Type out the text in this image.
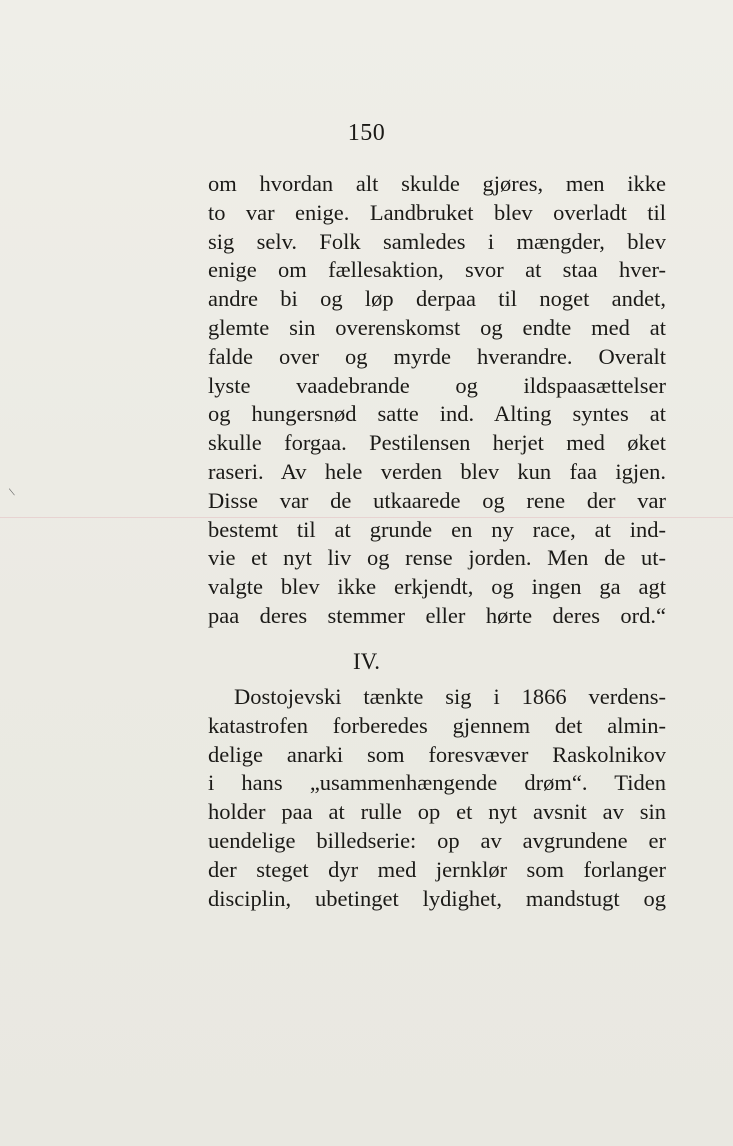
\
150
om hvordan alt skulde gjøres, men ikke
to var enige. Landbruket blev overladt til
sig selv. Folk samledes i mængder, blev
enige om fællesaktion, svor at staa hver-
andre bi og løp derpaa til noget andet,
glemte sin overenskomst og endte med at
falde over og myrde hverandre. Overalt
lyste vaadebrande og ildspaasættelser
og hungersnød satte ind. Alting syntes at
skulle forgaa. Pestilensen herjet med øket
raseri. Av hele verden blev kun faa igjen.
Disse var de utkaarede og rene der var
bestemt til at grunde en ny race, at ind-
vie et nyt liv og rense jorden. Men de ut-
valgte blev ikke erkjendt, og ingen ga agt
paa deres stemmer eller hørte deres ord.“
IV.
Dostojevski tænkte sig i 1866 verdens-
katastrofen forberedes gjennem det almin-
delige anarki som foresvæver Raskolnikov
i hans „usammenhængende drøm“. Tiden
holder paa at rulle op et nyt avsnit av sin
uendelige billedserie: op av avgrundene er
der steget dyr med jernklør som forlanger
disciplin, ubetinget lydighet, mandstugt og
